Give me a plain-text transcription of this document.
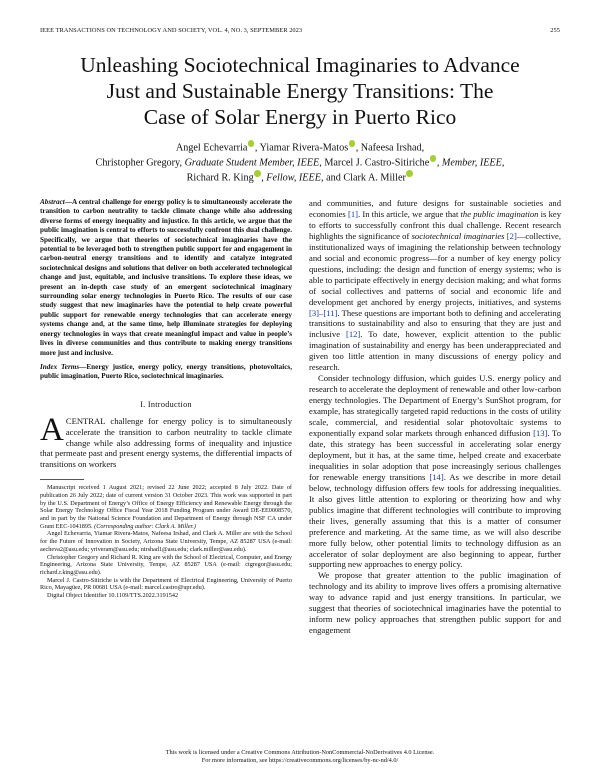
IEEE TRANSACTIONS ON TECHNOLOGY AND SOCIETY, VOL. 4, NO. 3, SEPTEMBER 2023	255
Unleashing Sociotechnical Imaginaries to Advance
Just and Sustainable Energy Transitions: The
Case of Solar Energy in Puerto Rico
Angel Echevarria , Yiamar Rivera-Matos , Nafeesa Irshad,
Christopher Gregory, Graduate Student Member, IEEE, Marcel J. Castro-Sitiriche , Member, IEEE,
Richard R. King , Fellow, IEEE, and Clark A. Miller

Abstract—A central challenge for energy policy is to simultaneously accelerate the transition to carbon neutrality to tackle climate change while also addressing diverse forms of energy inequality and injustice. In this article, we argue that the public imagination is central to efforts to successfully confront this dual challenge. Specifically, we argue that theories of sociotechnical imaginaries have the potential to be leveraged both to strengthen public support for and engagement in carbon-neutral energy transitions and to identify and catalyze integrated sociotechnical designs and solutions that deliver on both accelerated technological change and just, equitable, and inclusive transitions. To explore these ideas, we present an in-depth case study of an emergent sociotechnical imaginary surrounding solar energy technologies in Puerto Rico. The results of our case study suggest that new imaginaries have the potential to help create powerful public support for renewable energy technologies that can accelerate energy systems change and, at the same time, help illuminate strategies for deploying energy technologies in ways that create meaningful impact and value in people’s lives in diverse communities and thus contribute to making energy transitions more just and inclusive.

Index Terms—Energy justice, energy policy, energy transitions, photovoltaics, public imagination, Puerto Rico, sociotechnical imaginaries.

I. Introduction

ACENTRAL challenge for energy policy is to simultaneously accelerate the transition to carbon neutrality to tackle climate change while also addressing forms of inequality and injustice that permeate past and present energy systems, the differential impacts of transitions on workers

Manuscript received 1 August 2021; revised 22 June 2022; accepted 8 July 2022. Date of publication 26 July 2022; date of current version 31 October 2023. This work was supported in part by the U.S. Department of Energy’s Office of Energy Efficiency and Renewable Energy through the Solar Energy Technology Office Fiscal Year 2018 Funding Program under Award DE-EE0008570, and in part by the National Science Foundation and Department of Energy through NSF CA under Grant EEC-1041895. (Corresponding author: Clark A. Miller.)

Angel Echevarria, Yiamar Rivera-Matos, Nafeesa Irshad, and Clark A. Miller are with the School for the Future of Innovation in Society, Arizona State University, Tempe, AZ 85287 USA (e-mail: aecheva2@asu.edu; yriveram@asu.edu; nirshad1@asu.edu; clark.miller@asu.edu).

Christopher Gregory and Richard R. King are with the School of Electrical, Computer, and Energy Engineering, Arizona State University, Tempe, AZ 85287 USA (e-mail: ctgregor@asu.edu; richard.r.king@asu.edu).

Marcel J. Castro-Sitiriche is with the Department of Electrical Engineering, University of Puerto Rico, Mayagüez, PR 00681 USA (e-mail: marcel.castro@upr.edu).

Digital Object Identifier 10.1109/TTS.2022.3191542

and communities, and future designs for sustainable societies and economies [1]. In this article, we argue that the public imagination is key to efforts to successfully confront this dual challenge. Recent research highlights the significance of sociotechnical imaginaries [2]—collective, institutionalized ways of imagining the relationship between technology and social and economic progress—for a number of key energy policy questions, including: the design and function of energy systems; who is able to participate effectively in energy decision making; and what forms of social collectives and patterns of social and economic life and development get anchored by energy projects, initiatives, and systems [3]–[11]. These questions are important both to defining and accelerating transitions to sustainability and also to ensuring that they are just and inclusive [12]. To date, however, explicit attention to the public imagination of sustainability and energy has been underappreciated and given too little attention in many discussions of energy policy and research.

Consider technology diffusion, which guides U.S. energy policy and research to accelerate the deployment of renewable and other low-carbon energy technologies. The Department of Energy’s SunShot program, for example, has strategically targeted rapid reductions in the costs of utility scale, commercial, and residential solar photovoltaic systems to exponentially expand solar markets through enhanced diffusion [13]. To date, this strategy has been successful in accelerating solar energy deployment, but it has, at the same time, helped create and exacerbate inequalities in solar adoption that pose increasingly serious challenges for renewable energy transitions [14]. As we describe in more detail below, technology diffusion offers few tools for addressing inequalities. It also gives little attention to exploring or theorizing how and why publics imagine that different technologies will contribute to improving their lives, generally assuming that this is a matter of consumer preference and marketing. At the same time, as we will also describe more fully below, other potential limits to technology diffusion as an accelerator of solar deployment are also beginning to appear, further supporting new approaches to energy policy.

We propose that greater attention to the public imagination of technology and its ability to improve lives offers a promising alternative way to advance rapid and just energy transitions. In particular, we suggest that theories of sociotechnical imaginaries have the potential to inform new policy approaches that strengthen public support for and engagement

This work is licensed under a Creative Commons Attribution-NonCommercial-NoDerivatives 4.0 License.
For more information, see https://creativecommons.org/licenses/by-nc-nd/4.0/
